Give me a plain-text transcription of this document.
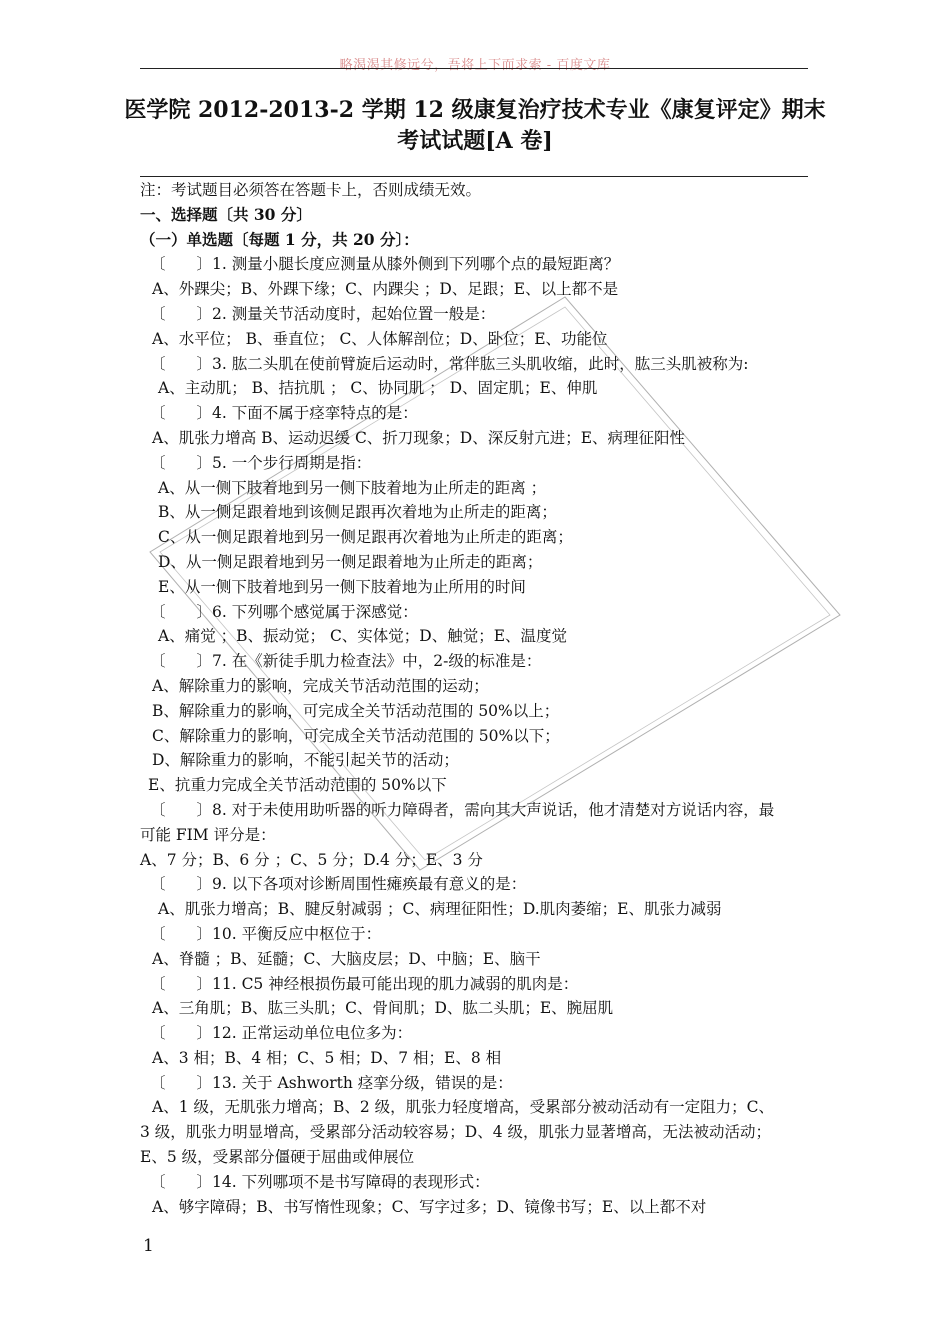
略渴渴其修远兮，吾将上下而求索 - 百度文库
医学院 2012-2013-2 学期 12 级康复治疗技术专业《康复评定》期末
考试试题[A 卷]
注：考试题目必须答在答题卡上，否则成绩无效。
一、选择题〔共 30 分〕
（一）单选题〔每题 1 分，共 20 分〕：
〔　　〕1. 测量小腿长度应测量从膝外侧到下列哪个点的最短距离？
A、外踝尖；B、外踝下缘；C、内踝尖 ；D、足跟；E、以上都不是
〔　　〕2. 测量关节活动度时，起始位置一般是：
A、水平位； B、垂直位； C、人体解剖位；D、卧位；E、功能位
〔　　〕3. 肱二头肌在使前臂旋后运动时，常伴肱三头肌收缩，此时，肱三头肌被称为:
A、主动肌； B、拮抗肌 ； C、协同肌 ； D、固定肌；E、伸肌
〔　　〕4. 下面不属于痉挛特点的是：
A、肌张力增高 B、运动迟缓 C、折刀现象；D、深反射亢进；E、病理征阳性
〔　　〕5. 一个步行周期是指：
A、从一侧下肢着地到另一侧下肢着地为止所走的距离 ；
B、从一侧足跟着地到该侧足跟再次着地为止所走的距离；
C、从一侧足跟着地到另一侧足跟再次着地为止所走的距离；
D、从一侧足跟着地到另一侧足跟着地为止所走的距离；
E、从一侧下肢着地到另一侧下肢着地为止所用的时间
〔　　〕6. 下列哪个感觉属于深感觉：
A、痛觉 ；B、振动觉； C、实体觉；D、触觉；E、温度觉
〔　　〕7. 在《新徒手肌力检查法》中，2-级的标准是：
A、解除重力的影响，完成关节活动范围的运动；
B、解除重力的影响，可完成全关节活动范围的 50%以上；
C、解除重力的影响，可完成全关节活动范围的 50%以下；
D、解除重力的影响，不能引起关节的活动；
E、抗重力完成全关节活动范围的 50%以下
〔　　〕8. 对于未使用助听器的听力障碍者，需向其大声说话，他才清楚对方说话内容，最
可能 FIM 评分是：
A、7 分；B、6 分 ；C、5 分；D.4 分；E、3 分
〔　　〕9. 以下各项对诊断周围性瘫痪最有意义的是：
A、肌张力增高；B、腱反射减弱 ；C、病理征阳性；D.肌肉萎缩；E、肌张力减弱
〔　　〕10. 平衡反应中枢位于：
A、脊髓 ；B、延髓；C、大脑皮层；D、中脑；E、脑干
〔　　〕11. C5 神经根损伤最可能出现的肌力减弱的肌肉是：
A、三角肌；B、肱三头肌；C、骨间肌；D、肱二头肌；E、腕屈肌
〔　　〕12. 正常运动单位电位多为：
A、3 相；B、4 相；C、5 相；D、7 相；E、8 相
〔　　〕13. 关于 Ashworth 痉挛分级，错误的是：
A、1 级，无肌张力增高；B、2 级，肌张力轻度增高，受累部分被动活动有一定阻力；C、
3 级，肌张力明显增高，受累部分活动较容易；D、4 级，肌张力显著增高，无法被动活动；
E、5 级，受累部分僵硬于屈曲或伸展位
〔　　〕14. 下列哪项不是书写障碍的表现形式：
A、够字障碍；B、书写惰性现象；C、写字过多；D、镜像书写；E、以上都不对
1
